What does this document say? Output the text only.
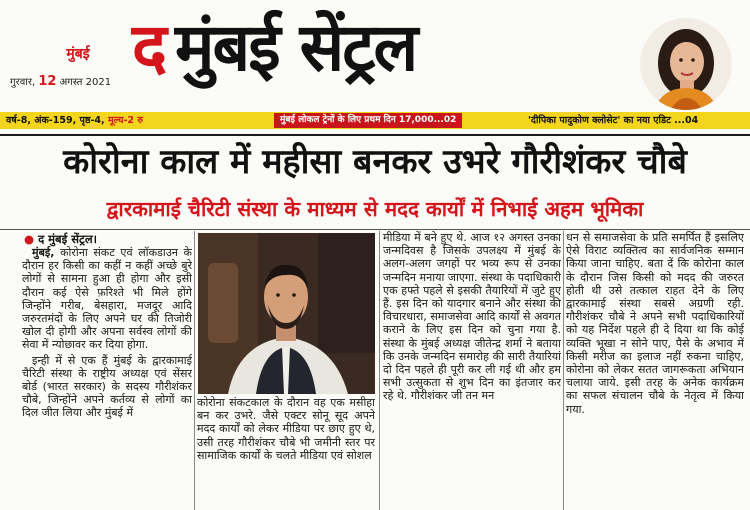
मुंबई
गुरवार, 12 अगस्त 2021 द मुंबई सेंट्रल
वर्ष-8, अंक-159, पृष्ठ-4, मूल्य-2 रु	मुंबई लोकल ट्रेनों के लिए प्रथम दिन 17,000...02	'दीपिका पादुकोण क्लोसेट' का नया एडिट ...04
कोरोना काल में महीसा बनकर उभरे गौरीशंकर चौबे
द्वारकामाई चैरिटी संस्था के माध्यम से मदद कार्यों में निभाई अहम भूमिका
● द मुंबई सेंट्रल।

मुंबई, कोरोना संकट एवं लॉकडाउन के दौरान हर किसी का कहीं न कहीं अच्छे बुरे लोगों से सामना हुआ ही होगा और इसी दौरान कई ऐसे फ़रिश्ते भी मिले होंगे जिन्होंने गरीब, बेसहारा, मजदूर आदि जरुरतमंदों के लिए अपने घर की तिजोरी खोल दी होगी और अपना सर्वस्व लोगों की सेवा में न्योछावर कर दिया होगा.

इन्ही में से एक हैं मुंबई के द्वारकामाई चैरिटी संस्था के राष्ट्रीय अध्यक्ष एवं सेंसर बोर्ड (भारत सरकार) के सदस्य गौरीशंकर चौबे, जिन्होंने अपने कर्तव्य से लोगों का दिल जीत लिया और मुंबई में

कोरोना संकटकाल के दौरान वह एक मसीहा बन कर उभरे. जैसे एक्टर सोनू सूद अपने मदद कार्यों को लेकर मीडिया पर छाए हुए थे, उसी तरह गौरीशंकर चौबे भी जमीनी स्तर पर सामाजिक कार्यों के चलते मीडिया एवं सोशल

मीडिया में बने हुए थे. आज १२ अगस्त उनका जन्मदिवस है जिसके उपलक्ष्य में मुंबई के अलग-अलग जगहों पर भव्य रूप से उनका जन्मदिन मनाया जाएगा. संस्था के पदाधिकारी एक हफ्ते पहले से इसकी तैयारियों में जुटे हुए हैं. इस दिन को यादगार बनाने और संस्था की विचारधारा, समाजसेवा आदि कार्यों से अवगत कराने के लिए इस दिन को चुना गया है. संस्था के मुंबई अध्यक्ष जीतेन्द्र शर्मा ने बताया कि उनके जन्मदिन समारोह की सारी तैयारियां दो दिन पहले ही पूरी कर ली गई थी और हम सभी उत्सुकता से शुभ दिन का इंतजार कर रहे थे. गौरीशंकर जी तन मन

धन से समाजसेवा के प्रति समर्पित हैं इसलिए ऐसे विराट व्यक्तित्व का सार्वजनिक सम्मान किया जाना चाहिए. बता दें कि कोरोना काल के दौरान जिस किसी को मदद की जरुरत होती थी उसे तत्काल राहत देने के लिए द्वारकामाई संस्था सबसे अग्रणी रही. गौरीशंकर चौबे ने अपने सभी पदाधिकारियों को यह निर्देश पहले ही दे दिया था कि कोई व्यक्ति भूखा न सोने पाए, पैसे के अभाव में किसी मरीज का इलाज नहीं रुकना चाहिए, कोरोना को लेकर सतत जागरूकता अभियान चलाया जाये. इसी तरह के अनेक कार्यक्रम का सफल संचालन चौबे के नेतृत्व में किया गया.
